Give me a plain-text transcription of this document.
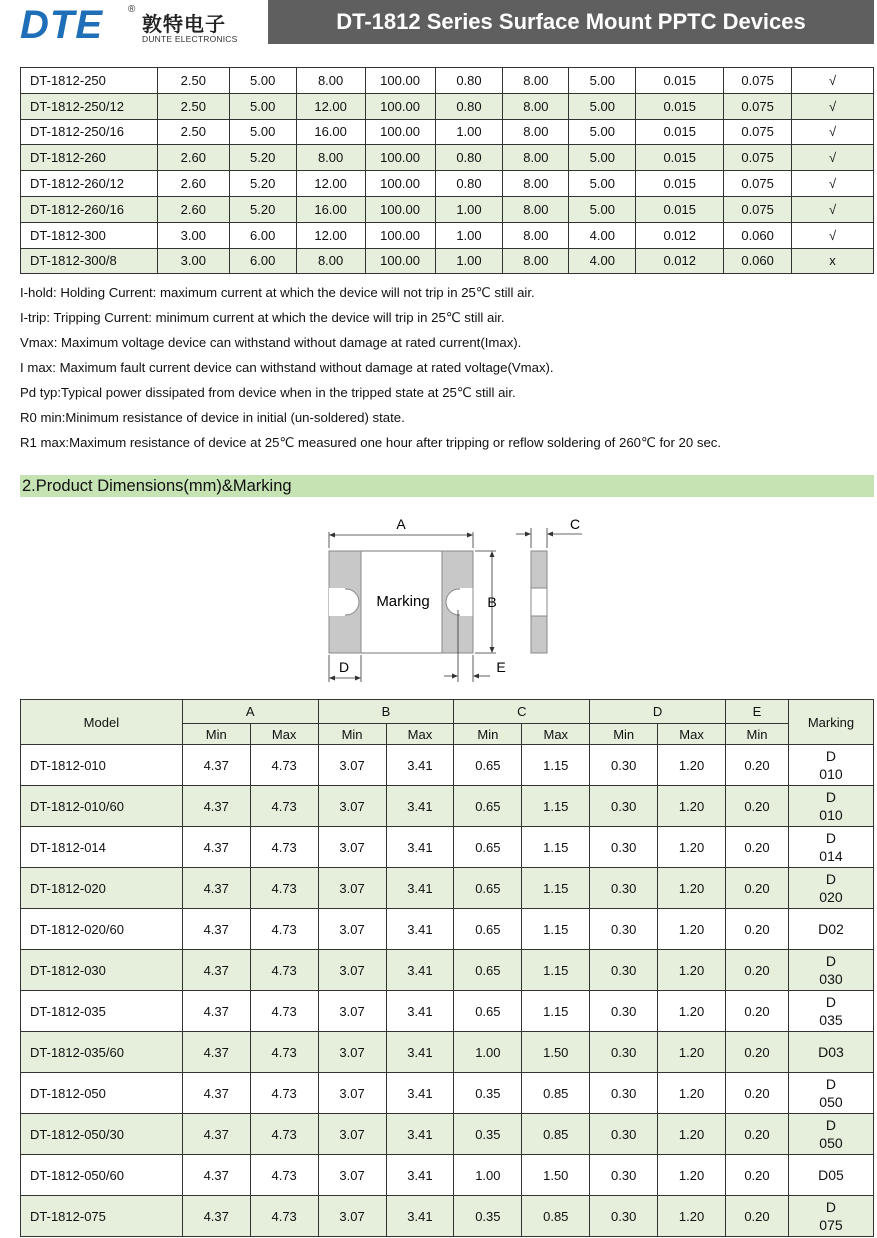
DTE	®
敦特电子
DUNTE ELECTRONICS
DT-1812 Series Surface Mount PPTC Devices
DT-1812-250	2.50	5.00	8.00	100.00	0.80	8.00	5.00	0.015	0.075	√
DT-1812-250/12	2.50	5.00	12.00	100.00	0.80	8.00	5.00	0.015	0.075	√
DT-1812-250/16	2.50	5.00	16.00	100.00	1.00	8.00	5.00	0.015	0.075	√
DT-1812-260	2.60	5.20	8.00	100.00	0.80	8.00	5.00	0.015	0.075	√
DT-1812-260/12	2.60	5.20	12.00	100.00	0.80	8.00	5.00	0.015	0.075	√
DT-1812-260/16	2.60	5.20	16.00	100.00	1.00	8.00	5.00	0.015	0.075	√
DT-1812-300	3.00	6.00	12.00	100.00	1.00	8.00	4.00	0.012	0.060	√
DT-1812-300/8	3.00	6.00	8.00	100.00	1.00	8.00	4.00	0.012	0.060	x
I-hold: Holding Current: maximum current at which the device will not trip in 25℃ still air.
I-trip: Tripping Current: minimum current at which the device will trip in 25℃ still air.
Vmax: Maximum voltage device can withstand without damage at rated current(Imax).
I max: Maximum fault current device can withstand without damage at rated voltage(Vmax).
Pd typ:Typical power dissipated from device when in the tripped state at 25℃ still air.
R0 min:Minimum resistance of device in initial (un-soldered) state.
R1 max:Maximum resistance of device at 25℃ measured one hour after tripping or reflow soldering of 260℃ for 20 sec.
2.Product Dimensions(mm)&Marking
A
B
Marking
C
D	E
Model	A		B		C		D		E	Marking
	Min	Max	Min	Max	Min	Max	Min	Max	Min	
DT-1812-010	4.37	4.73	3.07	3.41	0.65	1.15	0.30	1.20	0.20	D
010

DT-1812-010/60	4.37	4.73	3.07	3.41	0.65	1.15	0.30	1.20	0.20	D
010

DT-1812-014	4.37	4.73	3.07	3.41	0.65	1.15	0.30	1.20	0.20	D
014

DT-1812-020	4.37	4.73	3.07	3.41	0.65	1.15	0.30	1.20	0.20	D
020

DT-1812-020/60	4.37	4.73	3.07	3.41	0.65	1.15	0.30	1.20	0.20	D02

DT-1812-030	4.37	4.73	3.07	3.41	0.65	1.15	0.30	1.20	0.20	D
030

DT-1812-035	4.37	4.73	3.07	3.41	0.65	1.15	0.30	1.20	0.20	D
035

DT-1812-035/60	4.37	4.73	3.07	3.41	1.00	1.50	0.30	1.20	0.20	D03

DT-1812-050	4.37	4.73	3.07	3.41	0.35	0.85	0.30	1.20	0.20	D
050

DT-1812-050/30	4.37	4.73	3.07	3.41	0.35	0.85	0.30	1.20	0.20	D
050

DT-1812-050/60	4.37	4.73	3.07	3.41	1.00	1.50	0.30	1.20	0.20	D05

DT-1812-075	4.37	4.73	3.07	3.41	0.35	0.85	0.30	1.20	0.20	D
075
